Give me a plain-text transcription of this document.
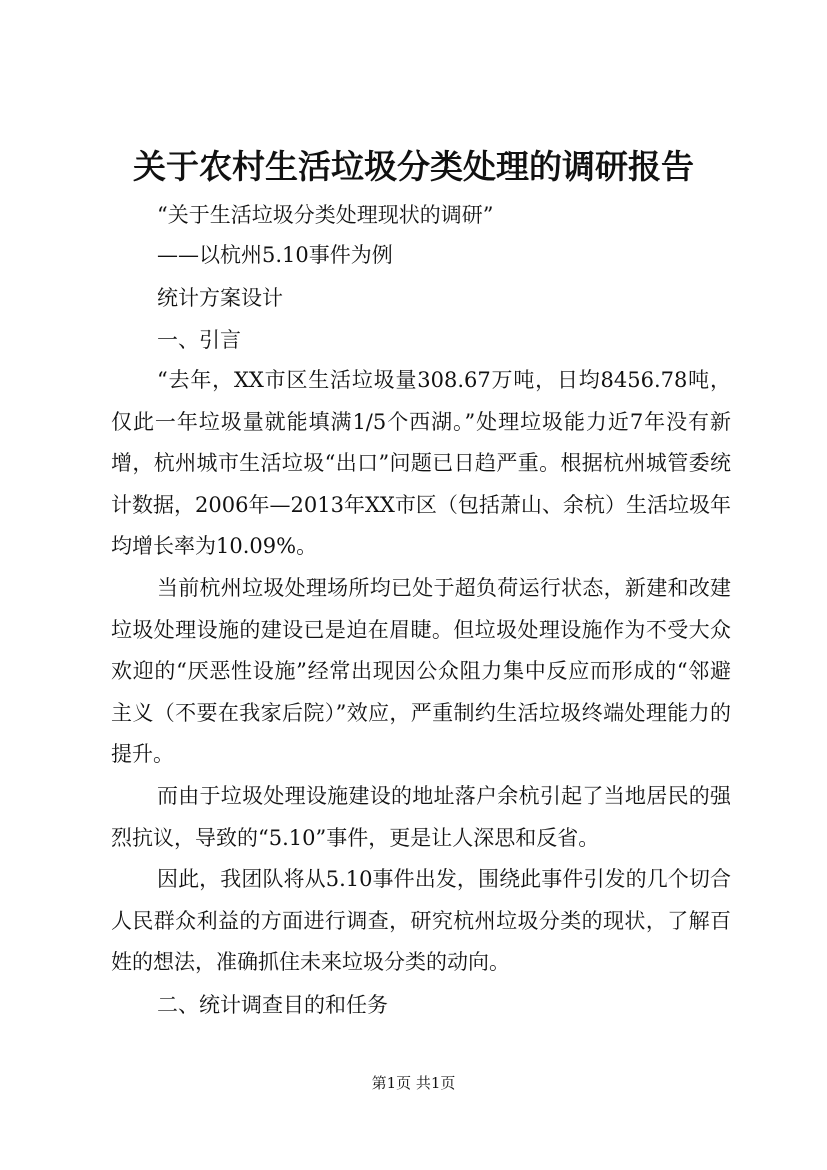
关于农村生活垃圾分类处理的调研报告
“关于生活垃圾分类处理现状的调研”
——以杭州5.10事件为例
统计方案设计
一、引言

“去年，XX市区生活垃圾量308.67万吨，日均8456.78吨，仅此一年垃圾量就能填满1/5个西湖。”处理垃圾能力近7年没有新增，杭州城市生活垃圾“出口”问题已日趋严重。根据杭州城管委统计数据，2006年—2013年XX市区（包括萧山、余杭）生活垃圾年均增长率为10.09%。

当前杭州垃圾处理场所均已处于超负荷运行状态，新建和改建垃圾处理设施的建设已是迫在眉睫。但垃圾处理设施作为不受大众欢迎的“厌恶性设施”经常出现因公众阻力集中反应而形成的“邻避主义（不要在我家后院）”效应，严重制约生活垃圾终端处理能力的提升。

而由于垃圾处理设施建设的地址落户余杭引起了当地居民的强烈抗议，导致的“5.10”事件，更是让人深思和反省。

因此，我团队将从5.10事件出发，围绕此事件引发的几个切合人民群众利益的方面进行调查，研究杭州垃圾分类的现状，了解百姓的想法，准确抓住未来垃圾分类的动向。

二、统计调查目的和任务
第1页 共1页
